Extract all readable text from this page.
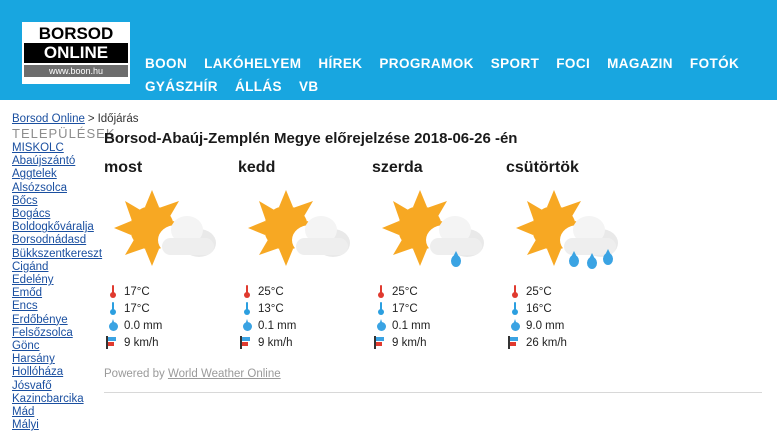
BORSOD
ONLINE
www.boon.hu	BOON LAKÓHELYEM HÍREK PROGRAMOK SPORT FOCI MAGAZIN FOTÓK
GYÁSZHÍR ÁLLÁS VB
Borsod Online > Időjárás
TELEPÜLÉSEK
MISKOLC
Abaújszántó
Aggtelek
Alsózsolca
Bőcs
Bogács
Boldogkőváralja
Borsodnádasd
Bükkszentkereszt
Cigánd
Edelény
Emőd
Encs
Erdőbénye
Felsőzsolca
Gönc
Harsány
Hollóháza
Jósvafő
Kazincbarcika
Mád
Mályi
Borsod-Abaúj-Zemplén Megye előrejelzése 2018-06-26 -én
most
17°C
17°C
0.0 mm
9 km/h
kedd
25°C
13°C
0.1 mm
9 km/h
szerda
25°C
17°C
0.1 mm
9 km/h
csütörtök
25°C
16°C
9.0 mm
26 km/h
Powered by World Weather Online
